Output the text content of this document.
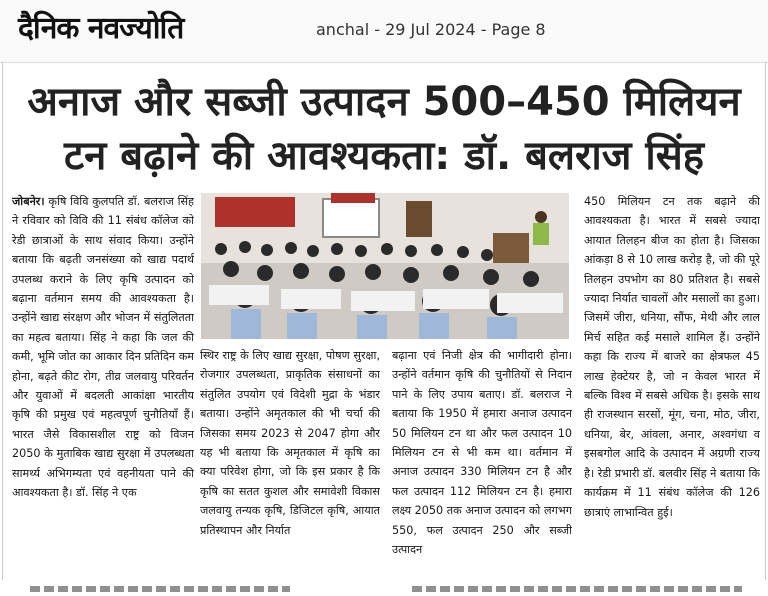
दैनिक नवज्योति	anchal - 29 Jul 2024 - Page 8
अनाज और सब्जी उत्पादन 500–450 मिलियन
टन बढ़ाने की आवश्यकता: डॉ. बलराज सिंह
जोबनेर। कृषि विवि कुलपति डॉ. बलराज सिंह ने रविवार को विवि की 11 संबंध कॉलेज को रेडी छात्राओं के साथ संवाद किया। उन्होंने बताया कि बढ़ती जनसंख्या को खाद्य पदार्थ उपलब्ध कराने के लिए कृषि उत्पादन को बढ़ाना वर्तमान समय की आवश्यकता है। उन्होंने खाद्य संरक्षण और भोजन में संतुलितता का महत्व बताया। सिंह ने कहा कि जल की कमी, भूमि जोत का आकार दिन प्रतिदिन कम होना, बढ़ते कीट रोग, तीव्र जलवायु परिवर्तन और युवाओं में बदलती आकांक्षा भारतीय कृषि की प्रमुख एवं महत्वपूर्ण चुनौतियाँ हैं। भारत जैसे विकासशील राष्ट्र को विजन 2050 के मुताबिक खाद्य सुरक्षा में उपलब्धता सामर्थ्य अभिगम्यता एवं वहनीयता पाने की आवश्यकता है। डॉ. सिंह ने एक
स्थिर राष्ट्र के लिए खाद्य सुरक्षा, पोषण सुरक्षा, रोजगार उपलब्धता, प्राकृतिक संसाधनों का संतुलित उपयोग एवं विदेशी मुद्रा के भंडार बताया। उन्होंने अमृतकाल की भी चर्चा की जिसका समय 2023 से 2047 होगा और यह भी बताया कि अमृतकाल में कृषि का क्या परिवेश होगा, जो कि इस प्रकार है कि कृषि का सतत कुशल और समावेशी विकास जलवायु तन्यक कृषि, डिजिटल कृषि, आयात प्रतिस्थापन और निर्यात
बढ़ाना एवं निजी क्षेत्र की भागीदारी होना। उन्होंने वर्तमान कृषि की चुनौतियों से निदान पाने के लिए उपाय बताए। डॉ. बलराज ने बताया कि 1950 में हमारा अनाज उत्पादन 50 मिलियन टन था और फल उत्पादन 10 मिलियन टन से भी कम था। वर्तमान में अनाज उत्पादन 330 मिलियन टन है और फल उत्पादन 112 मिलियन टन है। हमारा लक्ष्य 2050 तक अनाज उत्पादन को लगभग 550, फल उत्पादन 250 और सब्जी उत्पादन
450 मिलियन टन तक बढ़ाने की आवश्यकता है। भारत में सबसे ज्यादा आयात तिलहन बीज का होता है। जिसका आंकड़ा 8 से 10 लाख करोड़ है, जो की पूरे तिलहन उपभोग का 80 प्रतिशत है। सबसे ज्यादा निर्यात चावलों और मसालों का हुआ। जिसमें जीरा, धनिया, सौंफ, मेथी और लाल मिर्च सहित कई मसाले शामिल हैं। उन्होंने कहा कि राज्य में बाजरे का क्षेत्रफल 45 लाख हेक्टेयर है, जो न केवल भारत में बल्कि विश्व में सबसे अधिक है। इसके साथ ही राजस्थान सरसों, मूंग, चना, मोठ, जीरा, धनिया, बेर, आंवला, अनार, अश्वगंधा व इसबगोल आदि के उत्पादन में अग्रणी राज्य है। रेडी प्रभारी डॉ. बलवीर सिंह ने बताया कि कार्यक्रम में 11 संबंध कॉलेज की 126 छात्राएं लाभान्वित हुई।
